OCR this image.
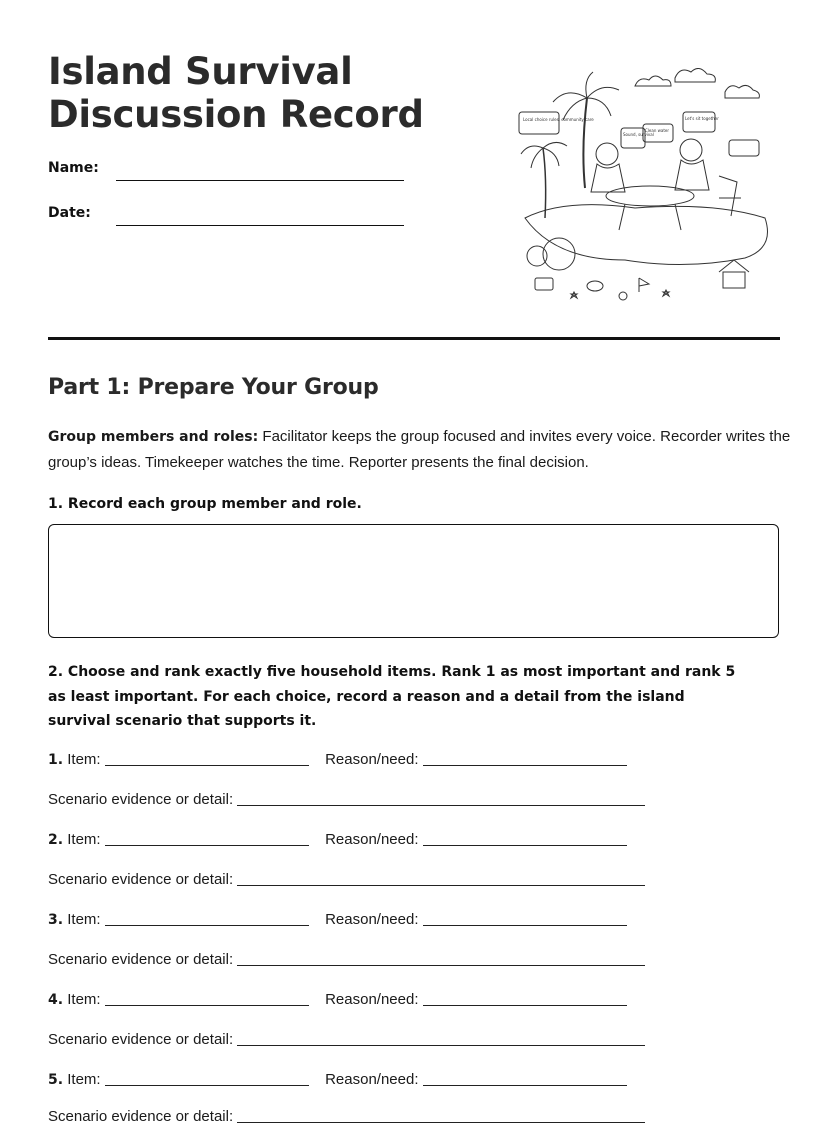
Island Survival
Discussion Record
Name:
Date:
Local choice rules, community care
Sound, survival
Clean water
Let's sit together
Part 1: Prepare Your Group

Group members and roles: Facilitator keeps the group focused and invites every voice. Recorder writes the group’s ideas. Timekeeper watches the time. Reporter presents the final decision.

1. Record each group member and role.

2. Choose and rank exactly five household items. Rank 1 as most important and rank 5 as least important. For each choice, record a reason and a detail from the island survival scenario that supports it.

1. Item:	Reason/need:
Scenario evidence or detail:
2. Item:	Reason/need:
Scenario evidence or detail:
3. Item:	Reason/need:
Scenario evidence or detail:
4. Item:	Reason/need:
Scenario evidence or detail:
5. Item:	Reason/need:
Scenario evidence or detail:
